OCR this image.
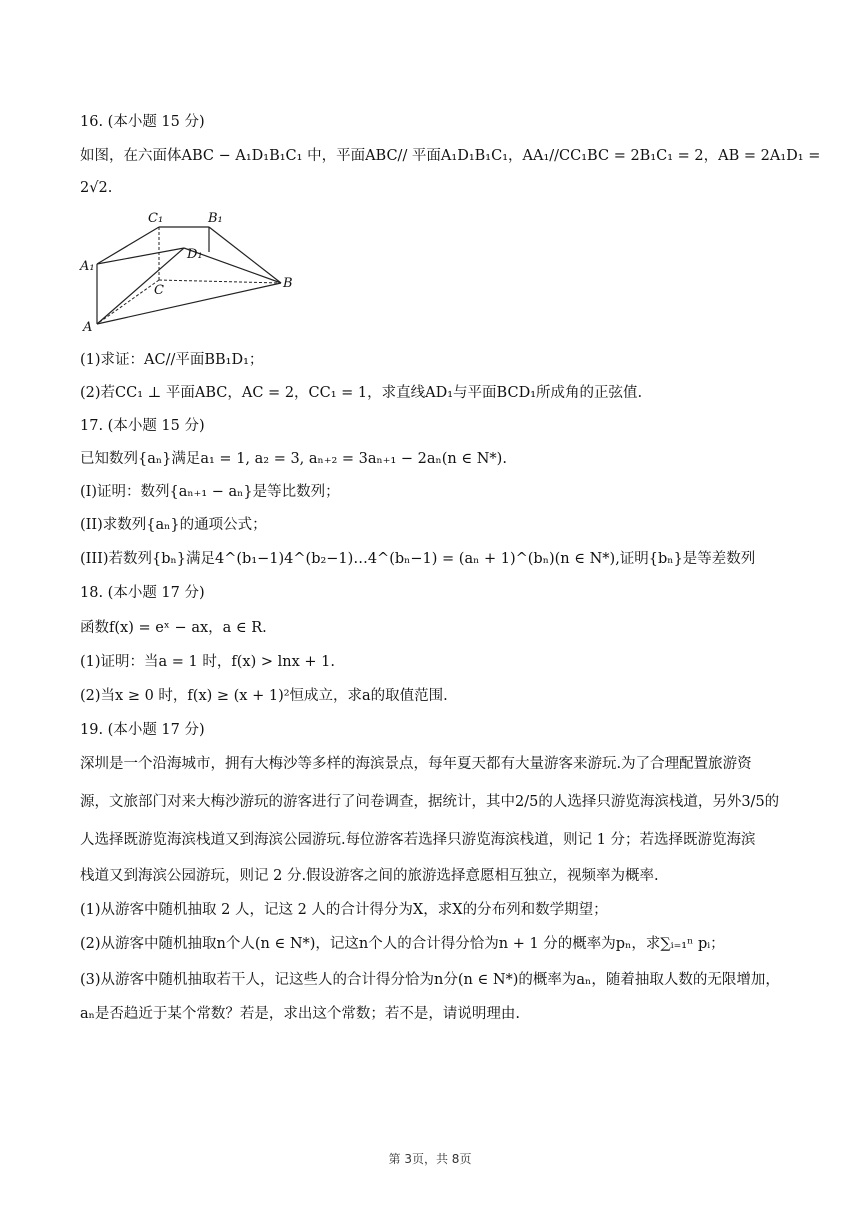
16. (本小题 15 分)
如图，在六面体ABC − A₁D₁B₁C₁ 中，平面ABC// 平面A₁D₁B₁C₁，AA₁//CC₁BC = 2B₁C₁ = 2，AB = 2A₁D₁ =
2√2.
C₁	B₁
A₁
D₁
C	B
A
(1)求证：AC//平面BB₁D₁；
(2)若CC₁ ⊥ 平面ABC，AC = 2，CC₁ = 1，求直线AD₁与平面BCD₁所成角的正弦值.
17. (本小题 15 分)
已知数列{aₙ}满足a₁ = 1, a₂ = 3, aₙ₊₂ = 3aₙ₊₁ − 2aₙ(n ∈ N*).
(I)证明：数列{aₙ₊₁ − aₙ}是等比数列；
(II)求数列{aₙ}的通项公式；
(III)若数列{bₙ}满足4^(b₁−1)4^(b₂−1)…4^(bₙ−1) = (aₙ + 1)^(bₙ)(n ∈ N*),证明{bₙ}是等差数列
18. (本小题 17 分)
函数f(x) = eˣ − ax，a ∈ R.
(1)证明：当a = 1 时，f(x) > lnx + 1.
(2)当x ≥ 0 时，f(x) ≥ (x + 1)²恒成立，求a的取值范围.
19. (本小题 17 分)
深圳是一个沿海城市，拥有大梅沙等多样的海滨景点，每年夏天都有大量游客来游玩.为了合理配置旅游资
源，文旅部门对来大梅沙游玩的游客进行了问卷调查，据统计，其中2/5的人选择只游览海滨栈道，另外3/5的
人选择既游览海滨栈道又到海滨公园游玩.每位游客若选择只游览海滨栈道，则记 1 分；若选择既游览海滨
栈道又到海滨公园游玩，则记 2 分.假设游客之间的旅游选择意愿相互独立，视频率为概率.
(1)从游客中随机抽取 2 人，记这 2 人的合计得分为X，求X的分布列和数学期望；
(2)从游客中随机抽取n个人(n ∈ N*)，记这n个人的合计得分恰为n + 1 分的概率为pₙ，求∑ᵢ₌₁ⁿ pᵢ；
(3)从游客中随机抽取若干人，记这些人的合计得分恰为n分(n ∈ N*)的概率为aₙ，随着抽取人数的无限增加，
aₙ是否趋近于某个常数？若是，求出这个常数；若不是，请说明理由.
第 3页，共 8页
